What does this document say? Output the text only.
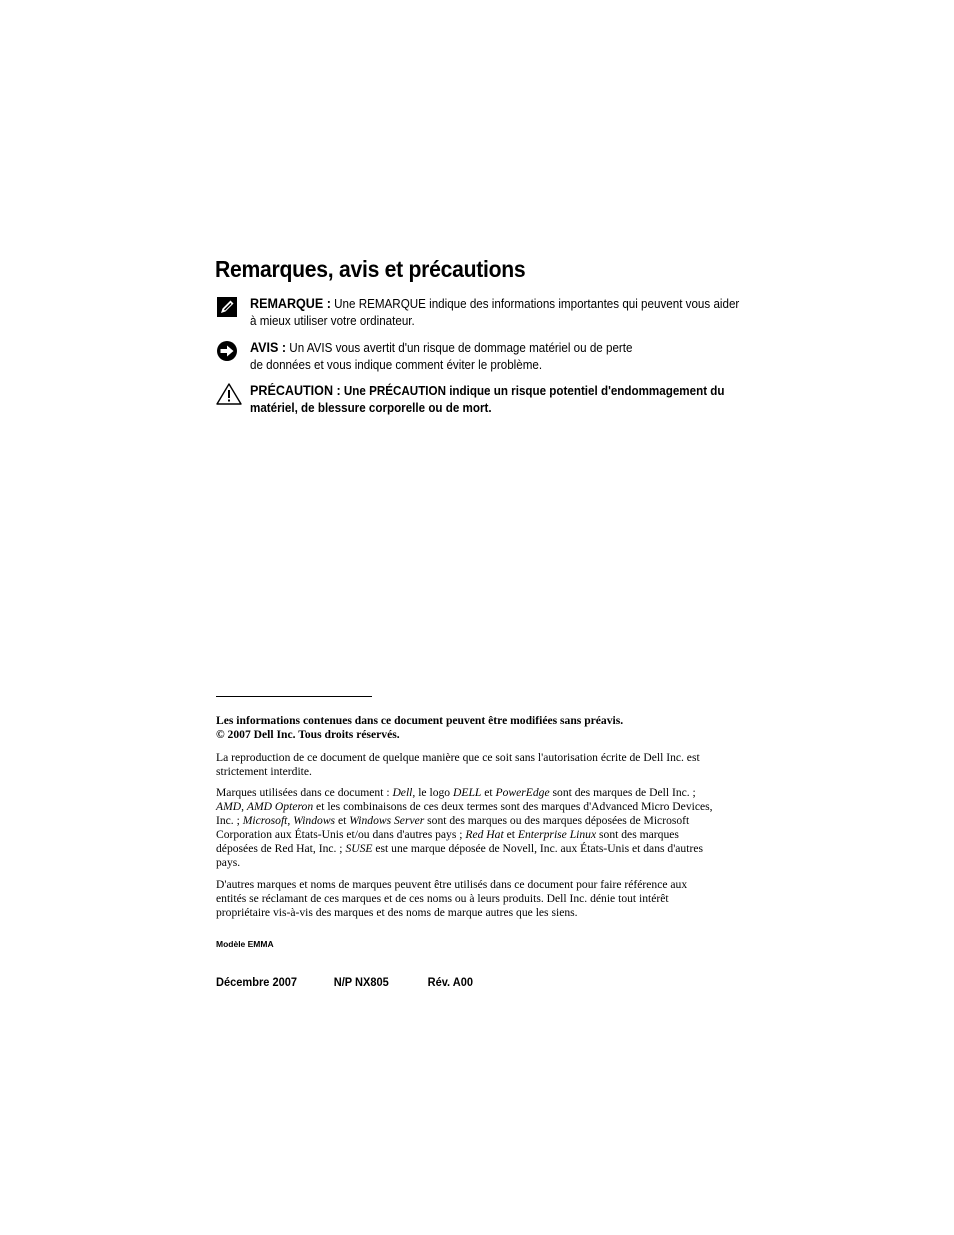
Remarques, avis et précautions
REMARQUE : Une REMARQUE indique des informations importantes qui peuvent vous aider à mieux utiliser votre ordinateur.
AVIS : Un AVIS vous avertit d'un risque de dommage matériel ou de perte
de données et vous indique comment éviter le problème.
PRÉCAUTION : Une PRÉCAUTION indique un risque potentiel d'endommagement du matériel, de blessure corporelle ou de mort.

Les informations contenues dans ce document peuvent être modifiées sans préavis.
© 2007 Dell Inc. Tous droits réservés.

La reproduction de ce document de quelque manière que ce soit sans l'autorisation écrite de Dell Inc. est strictement interdite.

Marques utilisées dans ce document : Dell, le logo DELL et PowerEdge sont des marques de Dell Inc. ; AMD, AMD Opteron et les combinaisons de ces deux termes sont des marques d'Advanced Micro Devices, Inc. ; Microsoft, Windows et Windows Server sont des marques ou des marques déposées de Microsoft Corporation aux États-Unis et/ou dans d'autres pays ; Red Hat et Enterprise Linux sont des marques déposées de Red Hat, Inc. ; SUSE est une marque déposée de Novell, Inc. aux États-Unis et dans d'autres pays.

D'autres marques et noms de marques peuvent être utilisés dans ce document pour faire référence aux entités se réclamant de ces marques et de ces noms ou à leurs produits. Dell Inc. dénie tout intérêt propriétaire vis-à-vis des marques et des noms de marque autres que les siens.

Modèle EMMA
Décembre 2007	N/P NX805	Rév. A00
